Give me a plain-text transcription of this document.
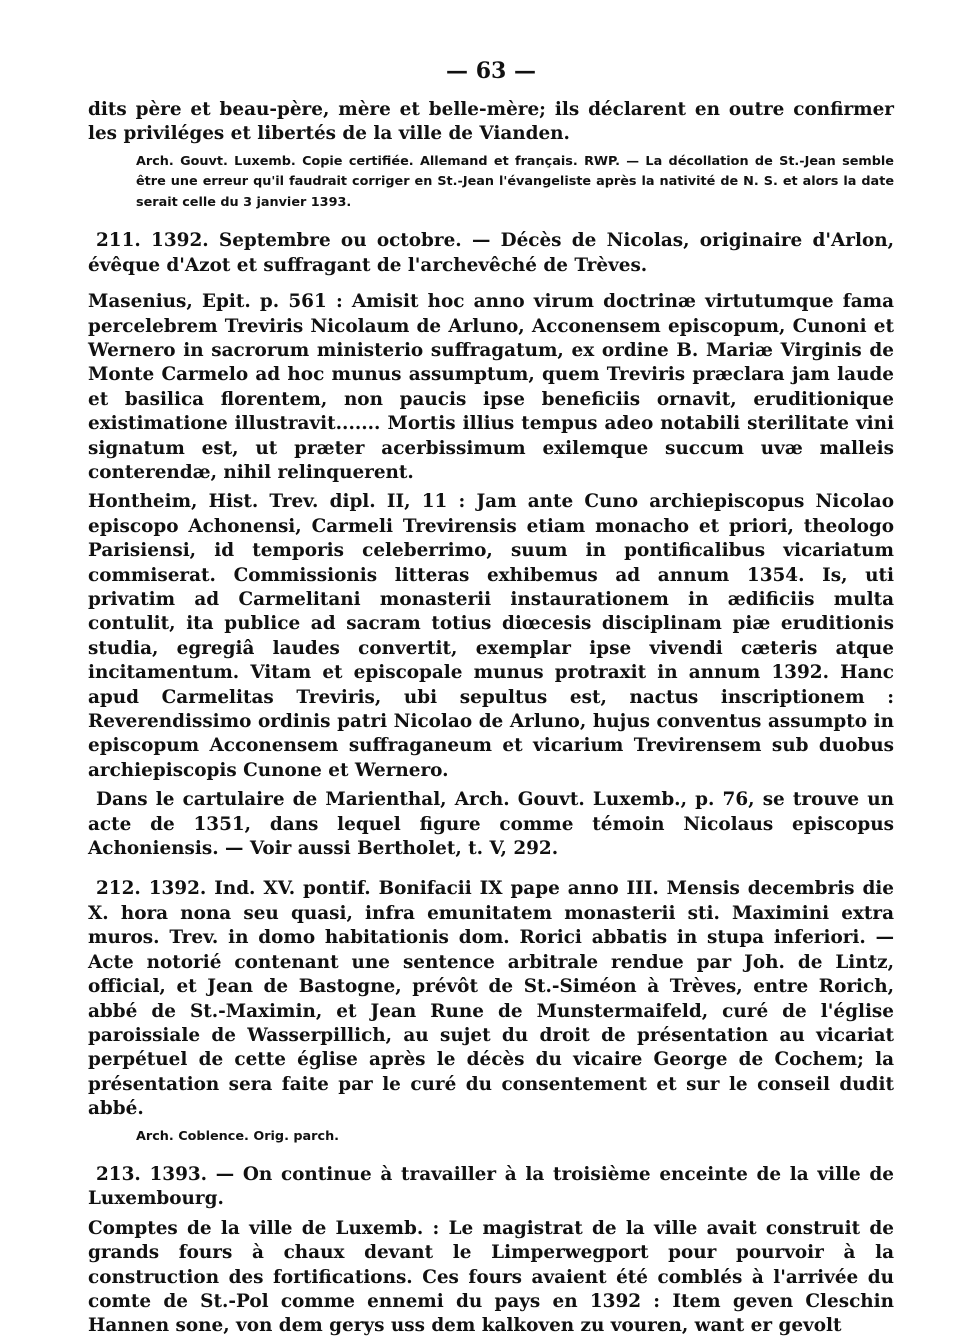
— 63 —

dits père et beau-père, mère et belle-mère; ils déclarent en outre confirmer les priviléges et libertés de la ville de Vianden.

Arch. Gouvt. Luxemb. Copie certifiée. Allemand et français. RWP. — La décollation de St.-Jean semble être une erreur qu'il faudrait corriger en St.-Jean l'évangeliste après la nativité de N. S. et alors la date serait celle du 3 janvier 1393.

211. 1392. Septembre ou octobre. — Décès de Nicolas, originaire d'Arlon, évêque d'Azot et suffragant de l'archevêché de Trèves.

Masenius, Epit. p. 561 : Amisit hoc anno virum doctrinæ virtutumque fama percelebrem Treviris Nicolaum de Arluno, Acconensem episcopum, Cunoni et Wernero in sacrorum ministerio suffragatum, ex ordine B. Mariæ Virginis de Monte Carmelo ad hoc munus assumptum, quem Treviris præclara jam laude et basilica florentem, non paucis ipse beneficiis ornavit, eruditionique existimatione illustravit....... Mortis illius tempus adeo notabili sterilitate vini signatum est, ut præter acerbissimum exilemque succum uvæ malleis conterendæ, nihil relinquerent.

Hontheim, Hist. Trev. dipl. II, 11 : Jam ante Cuno archiepiscopus Nicolao episcopo Achonensi, Carmeli Trevirensis etiam monacho et priori, theologo Parisiensi, id temporis celeberrimo, suum in pontificalibus vicariatum commiserat. Commissionis litteras exhibemus ad annum 1354. Is, uti privatim ad Carmelitani monasterii instaurationem in ædificiis multa contulit, ita publice ad sacram totius diœcesis disciplinam piæ eruditionis studia, egregiâ laudes convertit, exemplar ipse vivendi cæteris atque incitamentum. Vitam et episcopale munus protraxit in annum 1392. Hanc apud Carmelitas Treviris, ubi sepultus est, nactus inscriptionem : Reverendissimo ordinis patri Nicolao de Arluno, hujus conventus assumpto in episcopum Acconensem suffraganeum et vicarium Trevirensem sub duobus archiepiscopis Cunone et Wernero.

Dans le cartulaire de Marienthal, Arch. Gouvt. Luxemb., p. 76, se trouve un acte de 1351, dans lequel figure comme témoin Nicolaus episcopus Achoniensis. — Voir aussi Bertholet, t. V, 292.

212. 1392. Ind. XV. pontif. Bonifacii IX pape anno III. Mensis decembris die X. hora nona seu quasi, infra emunitatem monasterii sti. Maximini extra muros. Trev. in domo habitationis dom. Rorici abbatis in stupa inferiori. — Acte notorié contenant une sentence arbitrale rendue par Joh. de Lintz, official, et Jean de Bastogne, prévôt de St.-Siméon à Trèves, entre Rorich, abbé de St.-Maximin, et Jean Rune de Munstermaifeld, curé de l'église paroissiale de Wasserpillich, au sujet du droit de présentation au vicariat perpétuel de cette église après le décès du vicaire George de Cochem; la présentation sera faite par le curé du consentement et sur le conseil dudit abbé.

Arch. Coblence. Orig. parch.

213. 1393. — On continue à travailler à la troisième enceinte de la ville de Luxembourg.

Comptes de la ville de Luxemb. : Le magistrat de la ville avait construit de grands fours à chaux devant le Limperwegport pour pourvoir à la construction des fortifications. Ces fours avaient été comblés à l'arrivée du comte de St.-Pol comme ennemi du pays en 1392 : Item geven Cleschin Hannen sone, von dem gerys uss dem kalkoven zu vouren, want er gevolt
